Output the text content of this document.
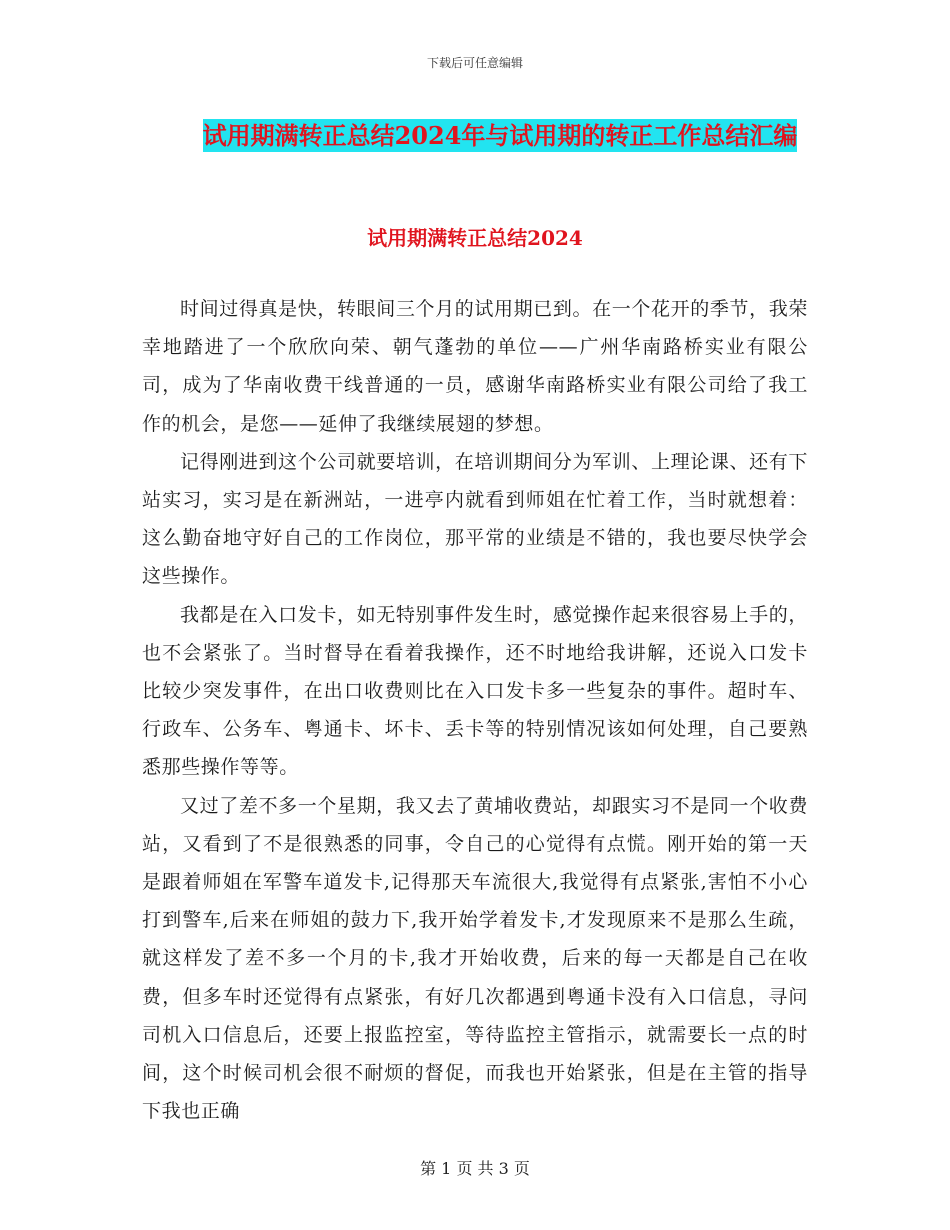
下载后可任意编辑
试用期满转正总结2024年与试用期的转正工作总结汇编
试用期满转正总结2024

时间过得真是快，转眼间三个月的试用期已到。在一个花开的季节，我荣幸地踏进了一个欣欣向荣、朝气蓬勃的单位——广州华南路桥实业有限公司，成为了华南收费干线普通的一员，感谢华南路桥实业有限公司给了我工作的机会，是您——延伸了我继续展翅的梦想。

记得刚进到这个公司就要培训，在培训期间分为军训、上理论课、还有下站实习，实习是在新洲站，一进亭内就看到师姐在忙着工作，当时就想着：这么勤奋地守好自己的工作岗位，那平常的业绩是不错的，我也要尽快学会这些操作。

我都是在入口发卡，如无特别事件发生时，感觉操作起来很容易上手的，也不会紧张了。当时督导在看着我操作，还不时地给我讲解，还说入口发卡比较少突发事件，在出口收费则比在入口发卡多一些复杂的事件。超时车、行政车、公务车、粤通卡、坏卡、丢卡等的特别情况该如何处理，自己要熟悉那些操作等等。

又过了差不多一个星期，我又去了黄埔收费站，却跟实习不是同一个收费站，又看到了不是很熟悉的同事，令自己的心觉得有点慌。刚开始的第一天是跟着师姐在军警车道发卡,记得那天车流很大,我觉得有点紧张,害怕不小心打到警车,后来在师姐的鼓力下,我开始学着发卡,才发现原来不是那么生疏，就这样发了差不多一个月的卡,我才开始收费，后来的每一天都是自己在收费，但多车时还觉得有点紧张，有好几次都遇到粤通卡没有入口信息，寻问司机入口信息后，还要上报监控室，等待监控主管指示，就需要长一点的时间，这个时候司机会很不耐烦的督促，而我也开始紧张，但是在主管的指导下我也正确

第 1 页 共 3 页
